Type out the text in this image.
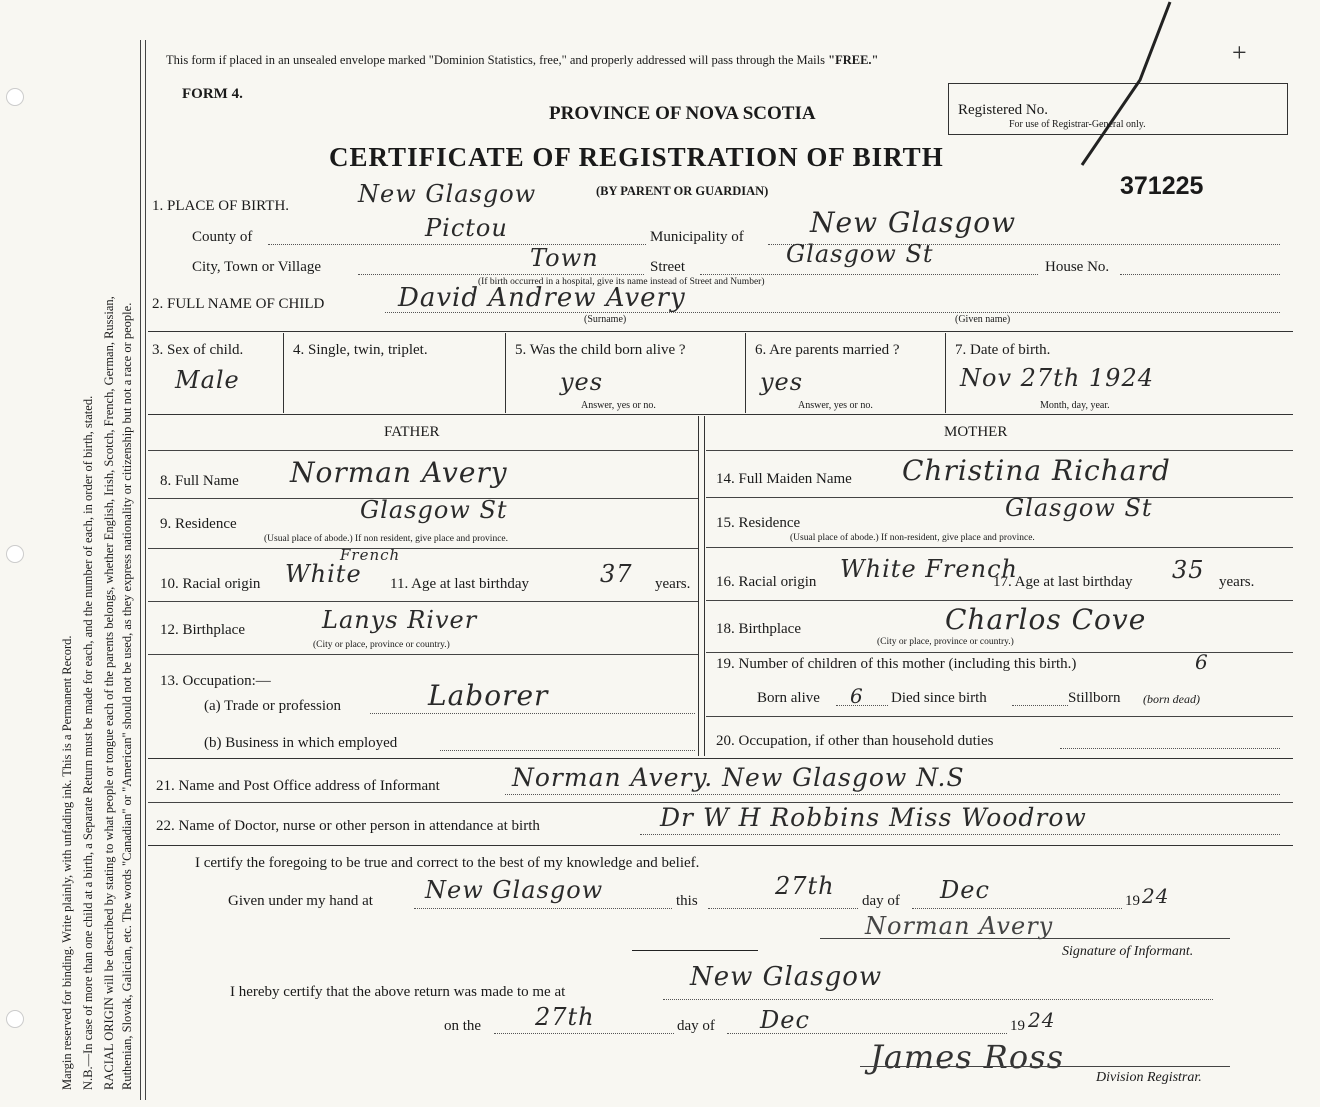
Margin reserved for binding. Write plainly, with unfading ink. This is a Permanent Record. N.B.—In case of more than one child at a birth, a Separate Return must be made for each, and the number of each, in order of birth, stated. RACIAL ORIGIN will be described by stating to what people or tongue each of the parents belongs, whether English, Irish, Scotch, French, German, Russian, Ruthenian, Slovak, Galician, etc. The words "Canadian" or "American" should not be used, as they express nationality or citizenship but not a race or people.
This form if placed in an unsealed envelope marked "Dominion Statistics, free," and properly addressed will pass through the Mails "FREE."
FORM 4.
PROVINCE OF NOVA SCOTIA
CERTIFICATE OF REGISTRATION OF BIRTH
Registered No.
For use of Registrar-General only.
371225
+
1. PLACE OF BIRTH.	New Glasgow	(BY PARENT OR GUARDIAN)
County of	Pictou	Municipality of New Glasgow
City, Town or Village	Town	Street	Glasgow St	House No.
(If birth occurred in a hospital, give its name instead of Street and Number)
2. FULL NAME OF CHILD	David Andrew Avery
(Surname)	(Given name)
3. Sex of child.
Male
4. Single, twin, triplet.	5. Was the child born alive ?
yes
Answer, yes or no.
6. Are parents married ?
yes
Answer, yes or no.
7. Date of birth.
Nov 27th 1924
Month, day, year.
FATHER	MOTHER
8. Full Name Norman Avery
9. Residence	Glasgow St
(Usual place of abode.) If non resident, give place and province.
10. Racial origin White
French
11. Age at last birthday	37 years.
12. Birthplace	Lanys River
(City or place, province or country.)
13. Occupation:—
(a) Trade or profession	Laborer
(b) Business in which employed
14. Full Maiden Name Christina Richard
15. Residence
Glasgow St
(Usual place of abode.) If non-resident, give place and province.
16. Racial origin White French
17. Age at last birthday 35 years.
18. Birthplace	Charlos Cove
(City or place, province or country.)
19. Number of children of this mother (including this birth.)	6
Born alive 6 Died since birth	Stillborn (born dead)
20. Occupation, if other than household duties
21. Name and Post Office address of Informant	Norman Avery. New Glasgow N.S
22. Name of Doctor, nurse or other person in attendance at birth	Dr W H Robbins Miss Woodrow
I certify the foregoing to be true and correct to the best of my knowledge and belief.
Given under my hand at New Glasgow	this
27th
day of Dec	19 24
Norman Avery
Signature of Informant.
I hereby certify that the above return was made to me at	New Glasgow
on the 27th	day of Dec	19 24
James Ross
Division Registrar.
